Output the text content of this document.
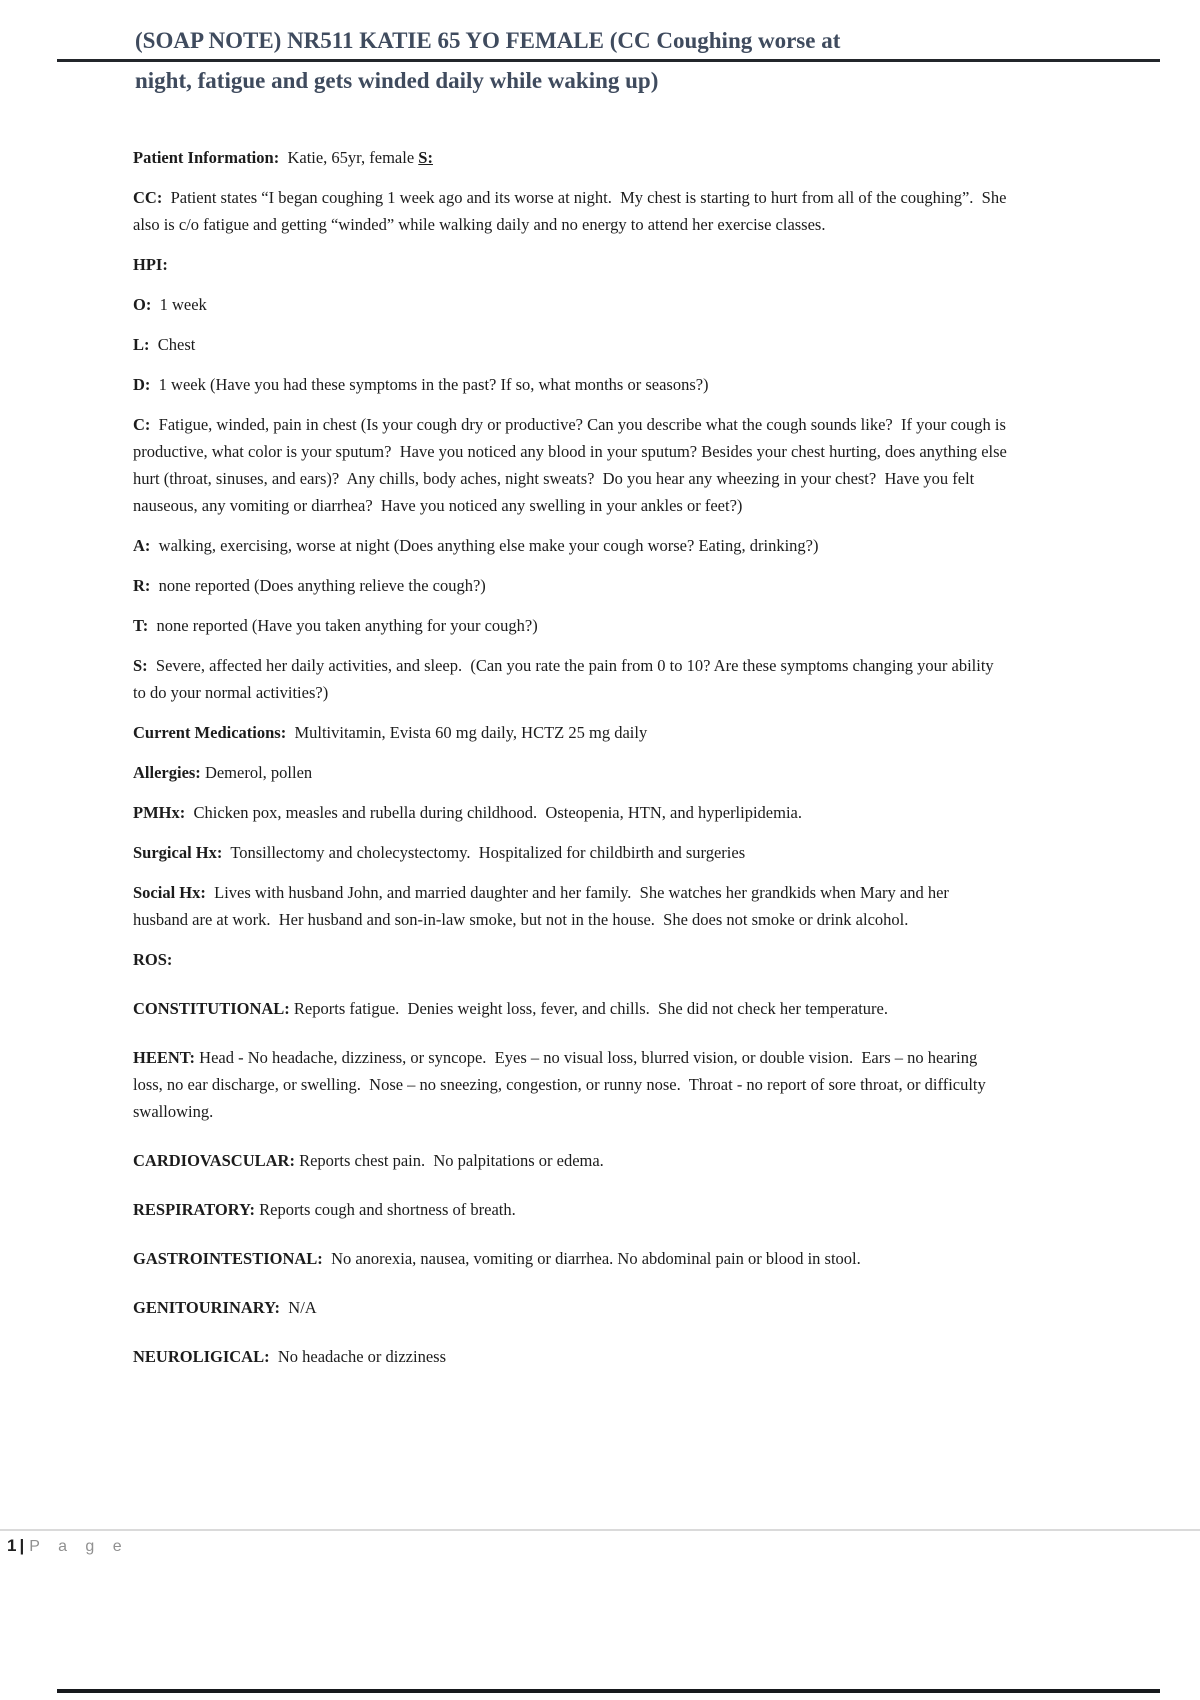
(SOAP NOTE) NR511 KATIE 65 YO FEMALE (CC Coughing worse at
night, fatigue and gets winded daily while waking up)

Patient Information:  Katie, 65yr, female S:

CC:  Patient states “I began coughing 1 week ago and its worse at night.  My chest is starting to hurt from all of the coughing”.  She also is c/o fatigue and getting “winded” while walking daily and no energy to attend her exercise classes.

HPI:

O:  1 week

L:  Chest

D:  1 week (Have you had these symptoms in the past? If so, what months or seasons?)

C:  Fatigue, winded, pain in chest (Is your cough dry or productive? Can you describe what the cough sounds like?  If your cough is productive, what color is your sputum?  Have you noticed any blood in your sputum? Besides your chest hurting, does anything else hurt (throat, sinuses, and ears)?  Any chills, body aches, night sweats?  Do you hear any wheezing in your chest?  Have you felt nauseous, any vomiting or diarrhea?  Have you noticed any swelling in your ankles or feet?)

A:  walking, exercising, worse at night (Does anything else make your cough worse? Eating, drinking?)

R:  none reported (Does anything relieve the cough?)

T:  none reported (Have you taken anything for your cough?)

S:  Severe, affected her daily activities, and sleep.  (Can you rate the pain from 0 to 10? Are these symptoms changing your ability to do your normal activities?)

Current Medications:  Multivitamin, Evista 60 mg daily, HCTZ 25 mg daily

Allergies: Demerol, pollen

PMHx:  Chicken pox, measles and rubella during childhood.  Osteopenia, HTN, and hyperlipidemia.

Surgical Hx:  Tonsillectomy and cholecystectomy.  Hospitalized for childbirth and surgeries

Social Hx:  Lives with husband John, and married daughter and her family.  She watches her grandkids when Mary and her husband are at work.  Her husband and son-in-law smoke, but not in the house.  She does not smoke or drink alcohol.

ROS:

CONSTITUTIONAL: Reports fatigue.  Denies weight loss, fever, and chills.  She did not check her temperature.

HEENT: Head - No headache, dizziness, or syncope.  Eyes – no visual loss, blurred vision, or double vision.  Ears – no hearing loss, no ear discharge, or swelling.  Nose – no sneezing, congestion, or runny nose.  Throat - no report of sore throat, or difficulty swallowing.

CARDIOVASCULAR: Reports chest pain.  No palpitations or edema.

RESPIRATORY: Reports cough and shortness of breath.

GASTROINTESTIONAL:  No anorexia, nausea, vomiting or diarrhea. No abdominal pain or blood in stool.

GENITOURINARY:  N/A

NEUROLIGICAL:  No headache or dizziness

1 | P a g e
